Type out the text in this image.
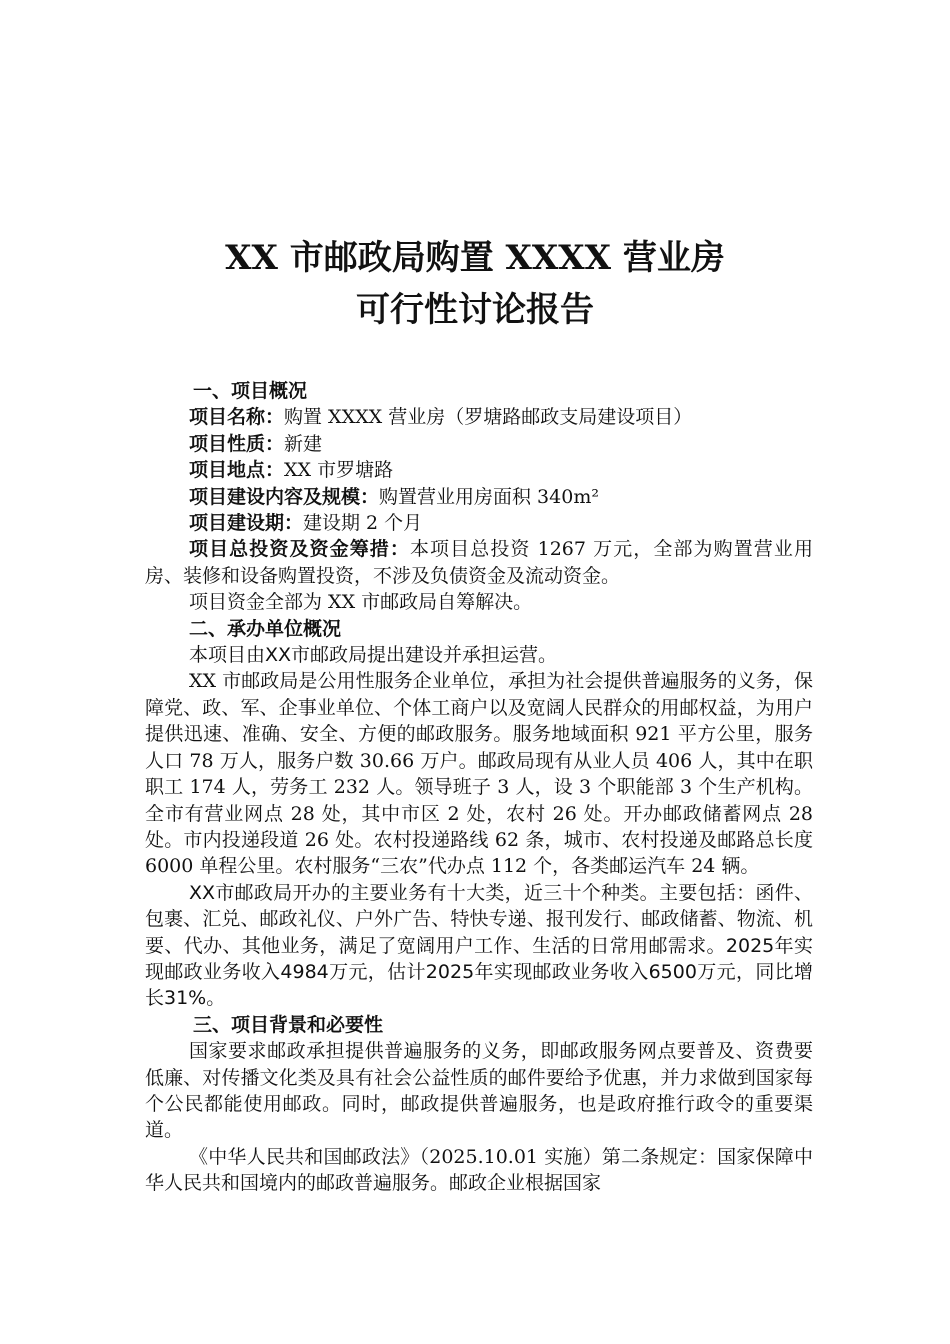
XX 市邮政局购置 XXXX 营业房
可行性讨论报告

一、项目概况

项目名称：购置 XXXX 营业房（罗塘路邮政支局建设项目）

项目性质：新建

项目地点：XX 市罗塘路

项目建设内容及规模：购置营业用房面积 340m²

项目建设期：建设期 2 个月

项目总投资及资金筹措：本项目总投资 1267 万元，全部为购置营业用房、装修和设备购置投资，不涉及负债资金及流动资金。

项目资金全部为 XX 市邮政局自筹解决。

二、承办单位概况

本项目由XX市邮政局提出建设并承担运营。

XX 市邮政局是公用性服务企业单位，承担为社会提供普遍服务的义务，保障党、政、军、企事业单位、个体工商户以及宽阔人民群众的用邮权益，为用户提供迅速、准确、安全、方便的邮政服务。服务地域面积 921 平方公里，服务人口 78 万人，服务户数 30.66 万户。邮政局现有从业人员 406 人，其中在职职工 174 人，劳务工 232 人。领导班子 3 人，设 3 个职能部 3 个生产机构。全市有营业网点 28 处，其中市区 2 处，农村 26 处。开办邮政储蓄网点 28 处。市内投递段道 26 处。农村投递路线 62 条，城市、农村投递及邮路总长度 6000 单程公里。农村服务“三农”代办点 112 个，各类邮运汽车 24 辆。

XX市邮政局开办的主要业务有十大类，近三十个种类。主要包括：函件、包裹、汇兑、邮政礼仪、户外广告、特快专递、报刊发行、邮政储蓄、物流、机要、代办、其他业务，满足了宽阔用户工作、生活的日常用邮需求。2025年实现邮政业务收入4984万元，估计2025年实现邮政业务收入6500万元，同比增长31%。

三、项目背景和必要性

国家要求邮政承担提供普遍服务的义务，即邮政服务网点要普及、资费要低廉、对传播文化类及具有社会公益性质的邮件要给予优惠，并力求做到国家每个公民都能使用邮政。同时，邮政提供普遍服务，也是政府推行政令的重要渠道。

《中华人民共和国邮政法》（2025.10.01 实施）第二条规定：国家保障中华人民共和国境内的邮政普遍服务。邮政企业根据国家
